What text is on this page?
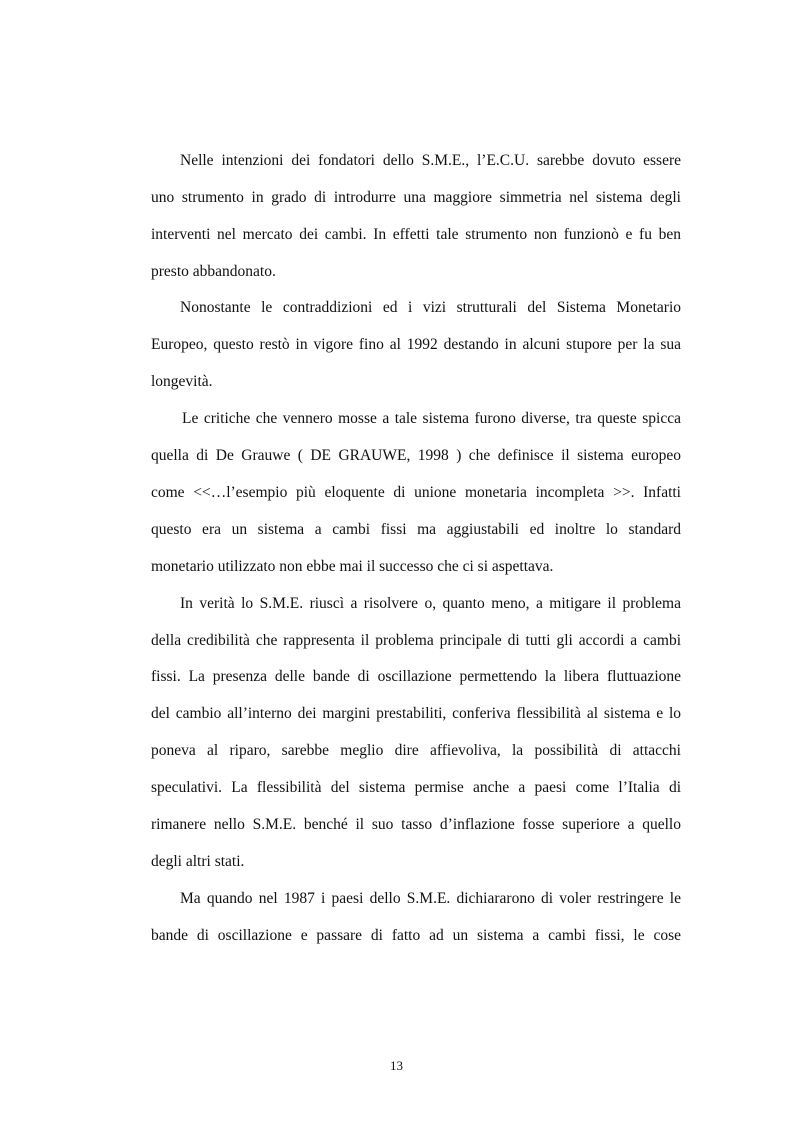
Nelle intenzioni dei fondatori dello S.M.E., l’E.C.U. sarebbe dovuto essere

uno strumento in grado di introdurre una maggiore simmetria nel sistema degli

interventi nel mercato dei cambi. In effetti tale strumento non funzionò e fu ben

presto abbandonato.

Nonostante le contraddizioni ed i vizi strutturali del Sistema Monetario

Europeo, questo restò in vigore fino al 1992 destando in alcuni stupore per la sua

longevità.

Le critiche che vennero mosse a tale sistema furono diverse, tra queste spicca

quella di De Grauwe ( DE GRAUWE, 1998 ) che definisce il sistema europeo

come <<…l’esempio più eloquente di unione monetaria incompleta >>. Infatti

questo era un sistema a cambi fissi ma aggiustabili ed inoltre lo standard

monetario utilizzato non ebbe mai il successo che ci si aspettava.

In verità lo S.M.E. riuscì a risolvere o, quanto meno, a mitigare il problema

della credibilità che rappresenta il problema principale di tutti gli accordi a cambi

fissi. La presenza delle bande di oscillazione permettendo la libera fluttuazione

del cambio all’interno dei margini prestabiliti, conferiva flessibilità al sistema e lo

poneva al riparo, sarebbe meglio dire affievoliva, la possibilità di attacchi

speculativi. La flessibilità del sistema permise anche a paesi come l’Italia di

rimanere nello S.M.E. benché il suo tasso d’inflazione fosse superiore a quello

degli altri stati.

Ma quando nel 1987 i paesi dello S.M.E. dichiararono di voler restringere le

bande di oscillazione e passare di fatto ad un sistema a cambi fissi, le cose

13
